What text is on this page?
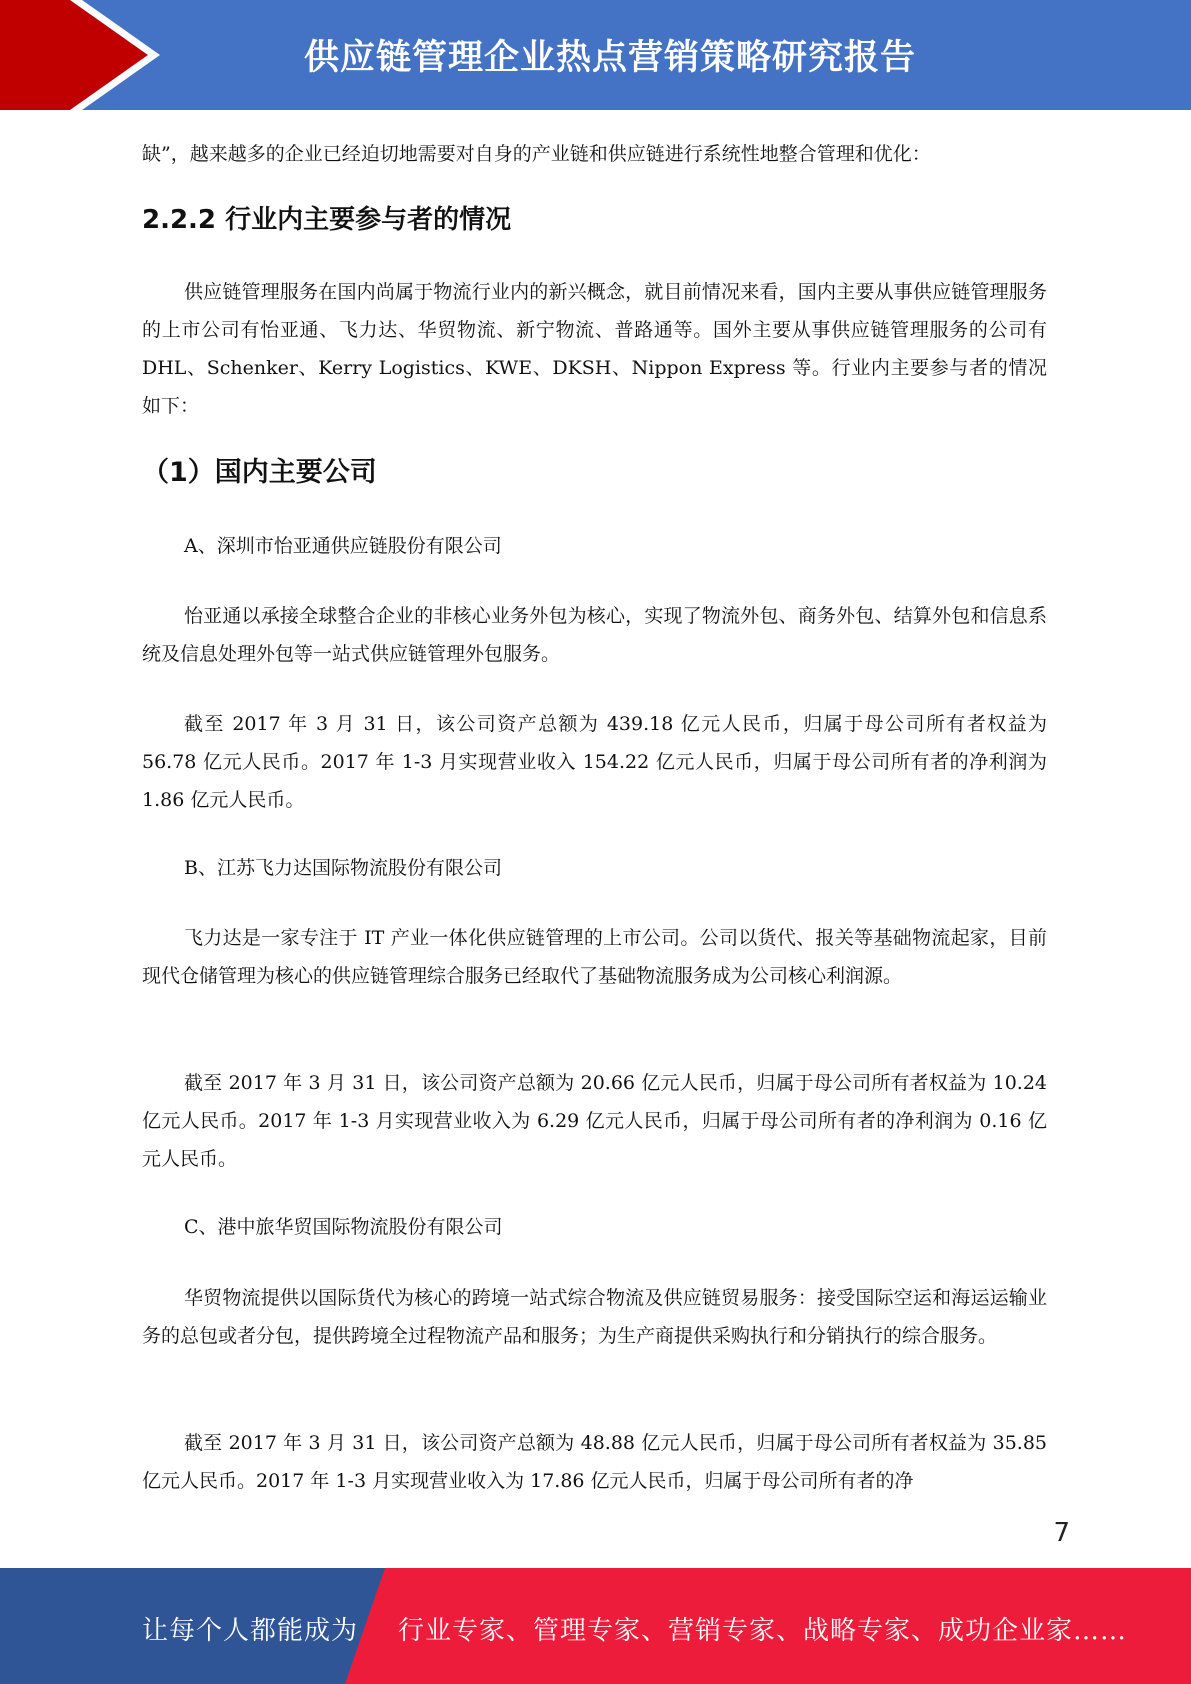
供应链管理企业热点营销策略研究报告

缺”，越来越多的企业已经迫切地需要对自身的产业链和供应链进行系统性地整合管理和优化：

2.2.2 行业内主要参与者的情况

供应链管理服务在国内尚属于物流行业内的新兴概念，就目前情况来看，国内主要从事供应链管理服务的上市公司有怡亚通、飞力达、华贸物流、新宁物流、普路通等。国外主要从事供应链管理服务的公司有 DHL、Schenker、Kerry Logistics、KWE、DKSH、Nippon Express 等。行业内主要参与者的情况如下：

（1）国内主要公司

A、深圳市怡亚通供应链股份有限公司

怡亚通以承接全球整合企业的非核心业务外包为核心，实现了物流外包、商务外包、结算外包和信息系统及信息处理外包等一站式供应链管理外包服务。

截至 2017 年 3 月 31 日，该公司资产总额为 439.18 亿元人民币，归属于母公司所有者权益为 56.78 亿元人民币。2017 年 1-3 月实现营业收入 154.22 亿元人民币，归属于母公司所有者的净利润为 1.86 亿元人民币。

B、江苏飞力达国际物流股份有限公司

飞力达是一家专注于 IT 产业一体化供应链管理的上市公司。公司以货代、报关等基础物流起家，目前现代仓储管理为核心的供应链管理综合服务已经取代了基础物流服务成为公司核心利润源。

截至 2017 年 3 月 31 日，该公司资产总额为 20.66 亿元人民币，归属于母公司所有者权益为 10.24 亿元人民币。2017 年 1-3 月实现营业收入为 6.29 亿元人民币，归属于母公司所有者的净利润为 0.16 亿元人民币。

C、港中旅华贸国际物流股份有限公司

华贸物流提供以国际货代为核心的跨境一站式综合物流及供应链贸易服务：接受国际空运和海运运输业务的总包或者分包，提供跨境全过程物流产品和服务；为生产商提供采购执行和分销执行的综合服务。

截至 2017 年 3 月 31 日，该公司资产总额为 48.88 亿元人民币，归属于母公司所有者权益为 35.85 亿元人民币。2017 年 1-3 月实现营业收入为 17.86 亿元人民币，归属于母公司所有者的净

7
让每个人都能成为 行业专家、管理专家、营销专家、战略专家、成功企业家……
